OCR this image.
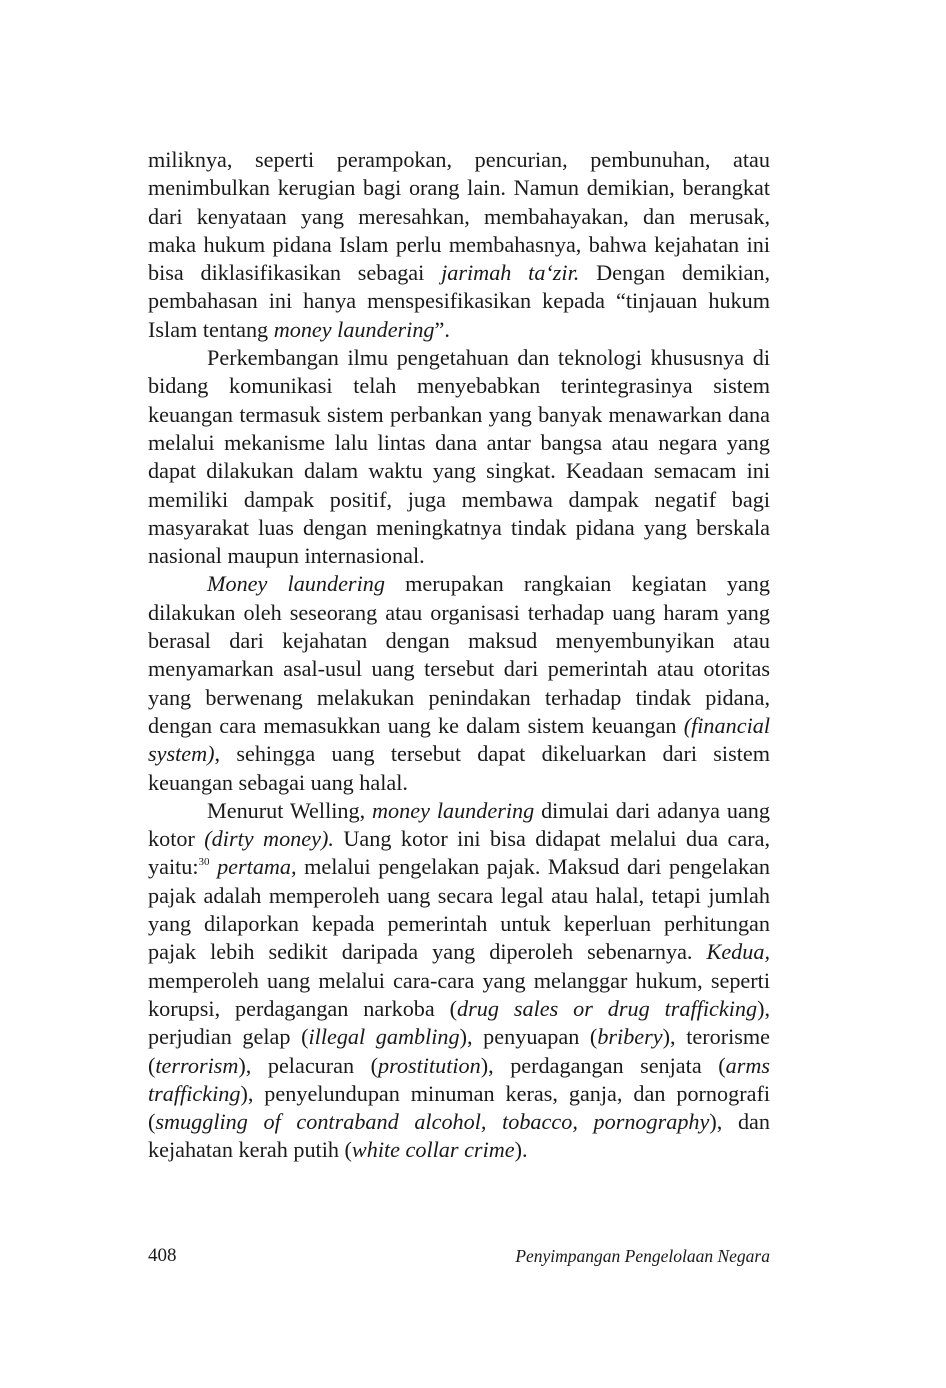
miliknya, seperti perampokan, pencurian, pembunuhan, atau menimbulkan kerugian bagi orang lain. Namun demikian, berangkat dari kenyataan yang meresahkan, membahayakan, dan merusak, maka hukum pidana Islam perlu membahasnya, bahwa kejahatan ini bisa diklasifikasikan sebagai jarimah ta‘zir. Dengan demikian, pembahasan ini hanya menspesifikasikan kepada “tinjauan hukum Islam tentang money laundering”.

Perkembangan ilmu pengetahuan dan teknologi khususnya di bidang komunikasi telah menyebabkan terintegrasinya sistem keuangan termasuk sistem perbankan yang banyak menawarkan dana melalui mekanisme lalu lintas dana antar bangsa atau negara yang dapat dilakukan dalam waktu yang singkat. Keadaan semacam ini memiliki dampak positif, juga membawa dampak negatif bagi masyarakat luas dengan meningkatnya tindak pidana yang berskala nasional maupun internasional.

Money laundering merupakan rangkaian kegiatan yang dilakukan oleh seseorang atau organisasi terhadap uang haram yang berasal dari kejahatan dengan maksud menyembunyikan atau menyamarkan asal-usul uang tersebut dari pemerintah atau otoritas yang berwenang melakukan penindakan terhadap tindak pidana, dengan cara memasukkan uang ke dalam sistem keuangan (financial system), sehingga uang tersebut dapat dikeluarkan dari sistem keuangan sebagai uang halal.

Menurut Welling, money laundering dimulai dari adanya uang kotor (dirty money). Uang kotor ini bisa didapat melalui dua cara, yaitu:$^{30}$ pertama, melalui pengelakan pajak. Maksud dari pengelakan pajak adalah memperoleh uang secara legal atau halal, tetapi jumlah yang dilaporkan kepada pemerintah untuk keperluan perhitungan pajak lebih sedikit daripada yang diperoleh sebenarnya. Kedua, memperoleh uang melalui cara-cara yang melanggar hukum, seperti korupsi, perdagangan narkoba (drug sales or drug trafficking), perjudian gelap (illegal gambling), penyuapan (bribery), terorisme (terrorism), pelacuran (prostitution), perdagangan senjata (arms trafficking), penyelundupan minuman keras, ganja, dan pornografi (smuggling of contraband alcohol, tobacco, pornography), dan kejahatan kerah putih (white collar crime).

408	Penyimpangan Pengelolaan Negara
